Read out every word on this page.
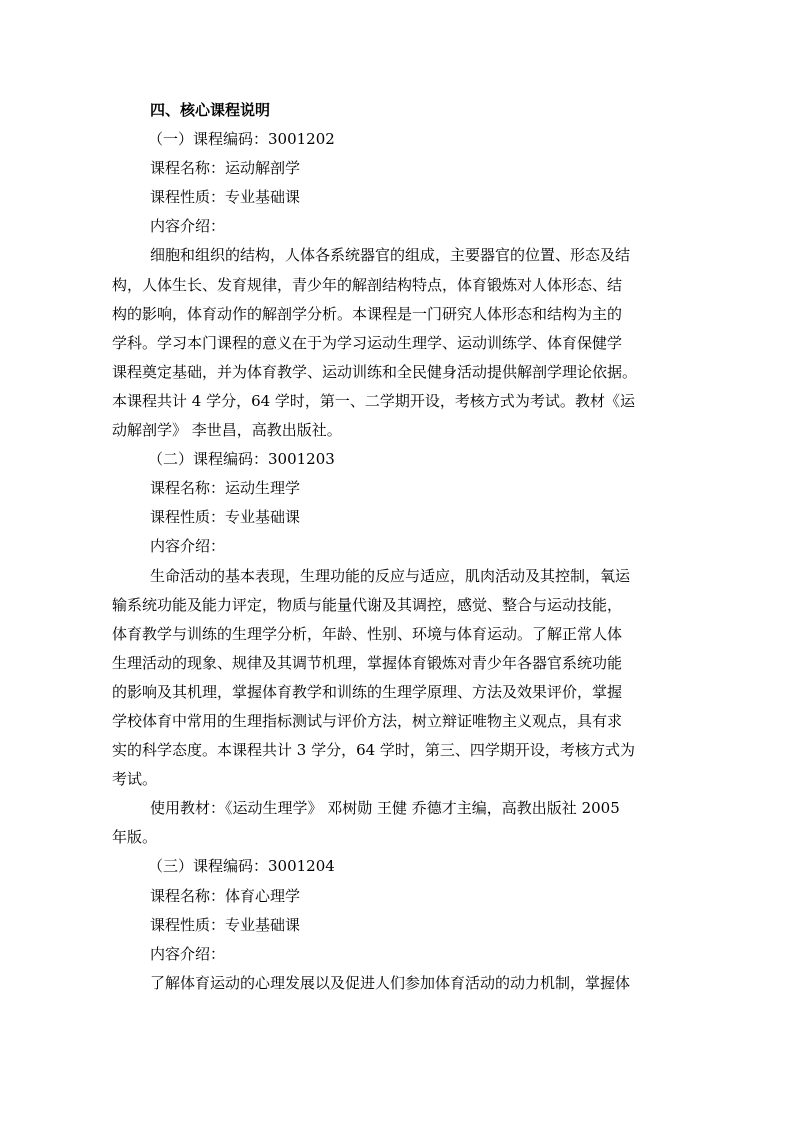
四、核心课程说明
（一）课程编码：3001202
课程名称：运动解剖学
课程性质：专业基础课
内容介绍：
细胞和组织的结构，人体各系统器官的组成，主要器官的位置、形态及结
构，人体生长、发育规律，青少年的解剖结构特点，体育锻炼对人体形态、结
构的影响，体育动作的解剖学分析。本课程是一门研究人体形态和结构为主的
学科。学习本门课程的意义在于为学习运动生理学、运动训练学、体育保健学
课程奠定基础，并为体育教学、运动训练和全民健身活动提供解剖学理论依据。
本课程共计 4 学分，64 学时，第一、二学期开设，考核方式为考试。教材《运
动解剖学》 李世昌，高教出版社。
（二）课程编码：3001203
课程名称：运动生理学
课程性质：专业基础课
内容介绍：
生命活动的基本表现，生理功能的反应与适应，肌肉活动及其控制，氧运
输系统功能及能力评定，物质与能量代谢及其调控，感觉、整合与运动技能，
体育教学与训练的生理学分析，年龄、性别、环境与体育运动。了解正常人体
生理活动的现象、规律及其调节机理，掌握体育锻炼对青少年各器官系统功能
的影响及其机理，掌握体育教学和训练的生理学原理、方法及效果评价，掌握
学校体育中常用的生理指标测试与评价方法，树立辩证唯物主义观点，具有求
实的科学态度。本课程共计 3 学分，64 学时，第三、四学期开设，考核方式为
考试。
使用教材：《运动生理学》 邓树勋 王健 乔德才主编，高教出版社 2005
年版。
（三）课程编码：3001204
课程名称：体育心理学
课程性质：专业基础课
内容介绍：
了解体育运动的心理发展以及促进人们参加体育活动的动力机制，掌握体
